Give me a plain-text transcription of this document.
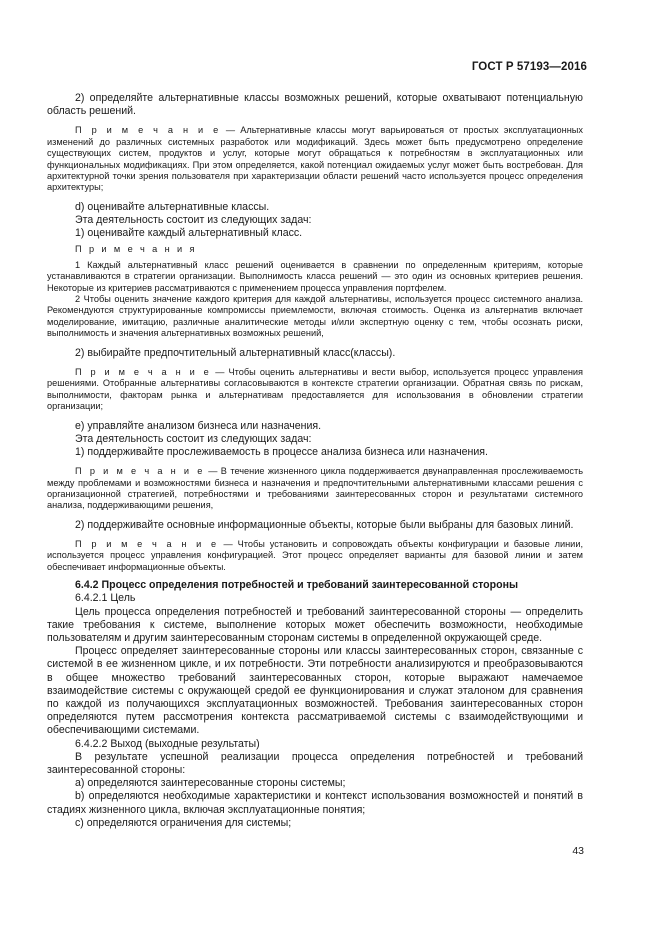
ГОСТ Р 57193—2016

2) определяйте альтернативные классы возможных решений, которые охватывают потенциальную область решений.

П р и м е ч а н и е — Альтернативные классы могут варьироваться от простых эксплуатационных изменений до различных системных разработок или модификаций. Здесь может быть предусмотрено определение существующих систем, продуктов и услуг, которые могут обращаться к потребностям в эксплуатационных или функциональных модификациях. При этом определяется, какой потенциал ожидаемых услуг может быть востребован. Для архитектурной точки зрения пользователя при характеризации области решений часто используется процесс определения архитектуры;

d) оценивайте альтернативные классы.

Эта деятельность состоит из следующих задач:

1) оценивайте каждый альтернативный класс.

П р и м е ч а н и я

1 Каждый альтернативный класс решений оценивается в сравнении по определенным критериям, которые устанавливаются в стратегии организации. Выполнимость класса решений — это один из основных критериев решения. Некоторые из критериев рассматриваются с применением процесса управления портфелем.

2 Чтобы оценить значение каждого критерия для каждой альтернативы, используется процесс системного анализа. Рекомендуются структурированные компромиссы приемлемости, включая стоимость. Оценка из альтернатив включает моделирование, имитацию, различные аналитические методы и/или экспертную оценку с тем, чтобы осознать риски, выполнимость и значения альтернативных возможных решений,

2) выбирайте предпочтительный альтернативный класс(классы).

П р и м е ч а н и е — Чтобы оценить альтернативы и вести выбор, используется процесс управления решениями. Отобранные альтернативы согласовываются в контексте стратегии организации. Обратная связь по рискам, выполнимости, факторам рынка и альтернативам предоставляется для использования в обновлении стратегии организации;

е) управляйте анализом бизнеса или назначения.

Эта деятельность состоит из следующих задач:

1) поддерживайте прослеживаемость в процессе анализа бизнеса или назначения.

П р и м е ч а н и е — В течение жизненного цикла поддерживается двунаправленная прослеживаемость между проблемами и возможностями бизнеса и назначения и предпочтительными альтернативными классами решения с организационной стратегией, потребностями и требованиями заинтересованных сторон и результатами системного анализа, поддерживающими решения,

2) поддерживайте основные информационные объекты, которые были выбраны для базовых линий.

П р и м е ч а н и е — Чтобы установить и сопровождать объекты конфигурации и базовые линии, используется процесс управления конфигурацией. Этот процесс определяет варианты для базовой линии и затем обеспечивает информационные объекты.

6.4.2 Процесс определения потребностей и требований заинтересованной стороны

6.4.2.1 Цель

Цель процесса определения потребностей и требований заинтересованной стороны — определить такие требования к системе, выполнение которых может обеспечить возможности, необходимые пользователям и другим заинтересованным сторонам системы в определенной окружающей среде.

Процесс определяет заинтересованные стороны или классы заинтересованных сторон, связанные с системой в ее жизненном цикле, и их потребности. Эти потребности анализируются и преобразовываются в общее множество требований заинтересованных сторон, которые выражают намечаемое взаимодействие системы с окружающей средой ее функционирования и служат эталоном для сравнения по каждой из получающихся эксплуатационных возможностей. Требования заинтересованных сторон определяются путем рассмотрения контекста рассматриваемой системы с взаимодействующими и обеспечивающими системами.

6.4.2.2 Выход (выходные результаты)

В результате успешной реализации процесса определения потребностей и требований заинтересованной стороны:

а) определяются заинтересованные стороны системы;

b) определяются необходимые характеристики и контекст использования возможностей и понятий в стадиях жизненного цикла, включая эксплуатационные понятия;

с) определяются ограничения для системы;

43
